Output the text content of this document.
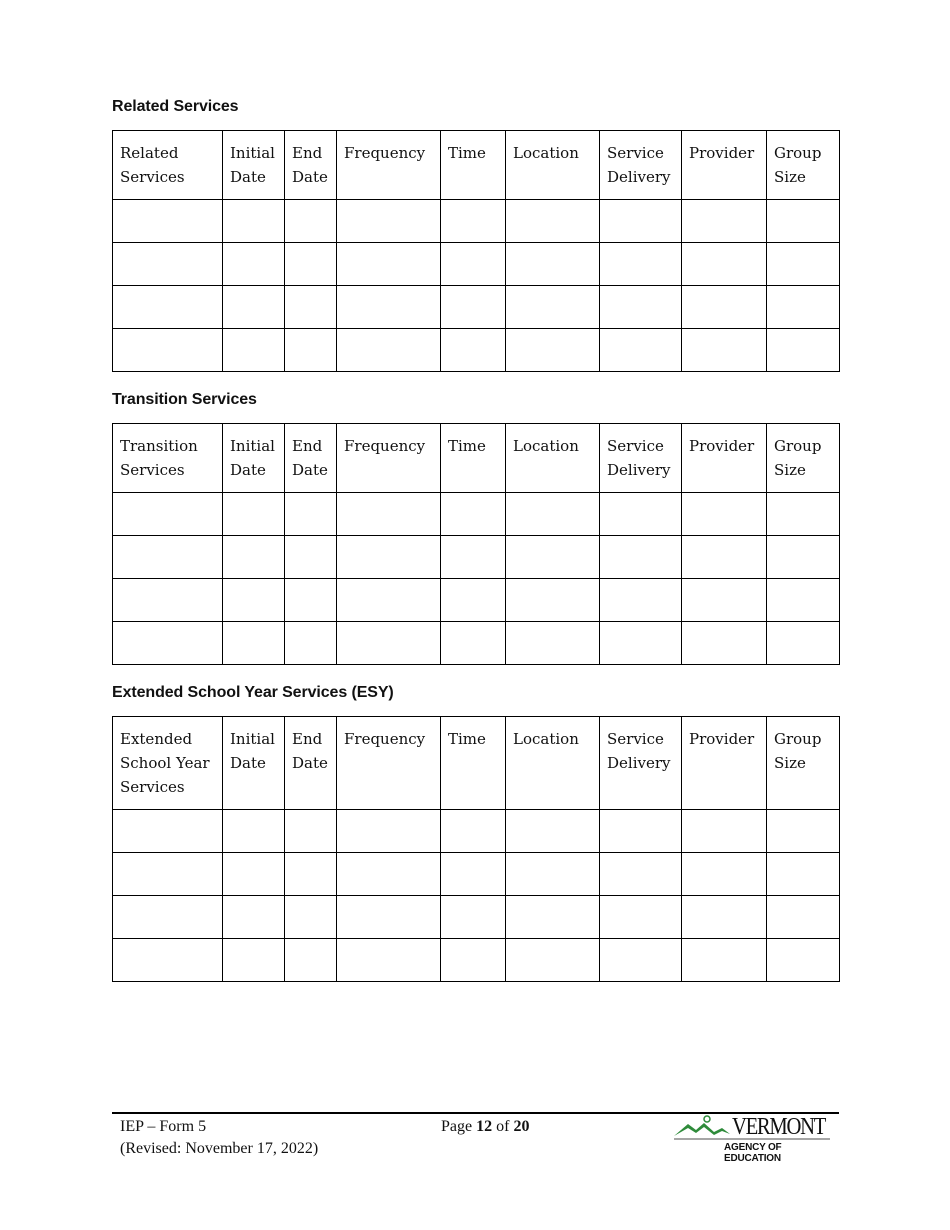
Related Services
Related Services	Initial Date	End Date	Frequency	Time	Location	Service Delivery	Provider	Group Size

Transition Services
Transition Services	Initial Date	End Date	Frequency	Time	Location	Service Delivery	Provider	Group Size

Extended School Year Services (ESY)
Extended School Year Services	Initial Date	End Date	Frequency	Time	Location	Service Delivery	Provider	Group Size

IEP – Form 5
(Revised: November 17, 2022)
Page 12 of 20	VERMONT
AGENCY OF EDUCATION
